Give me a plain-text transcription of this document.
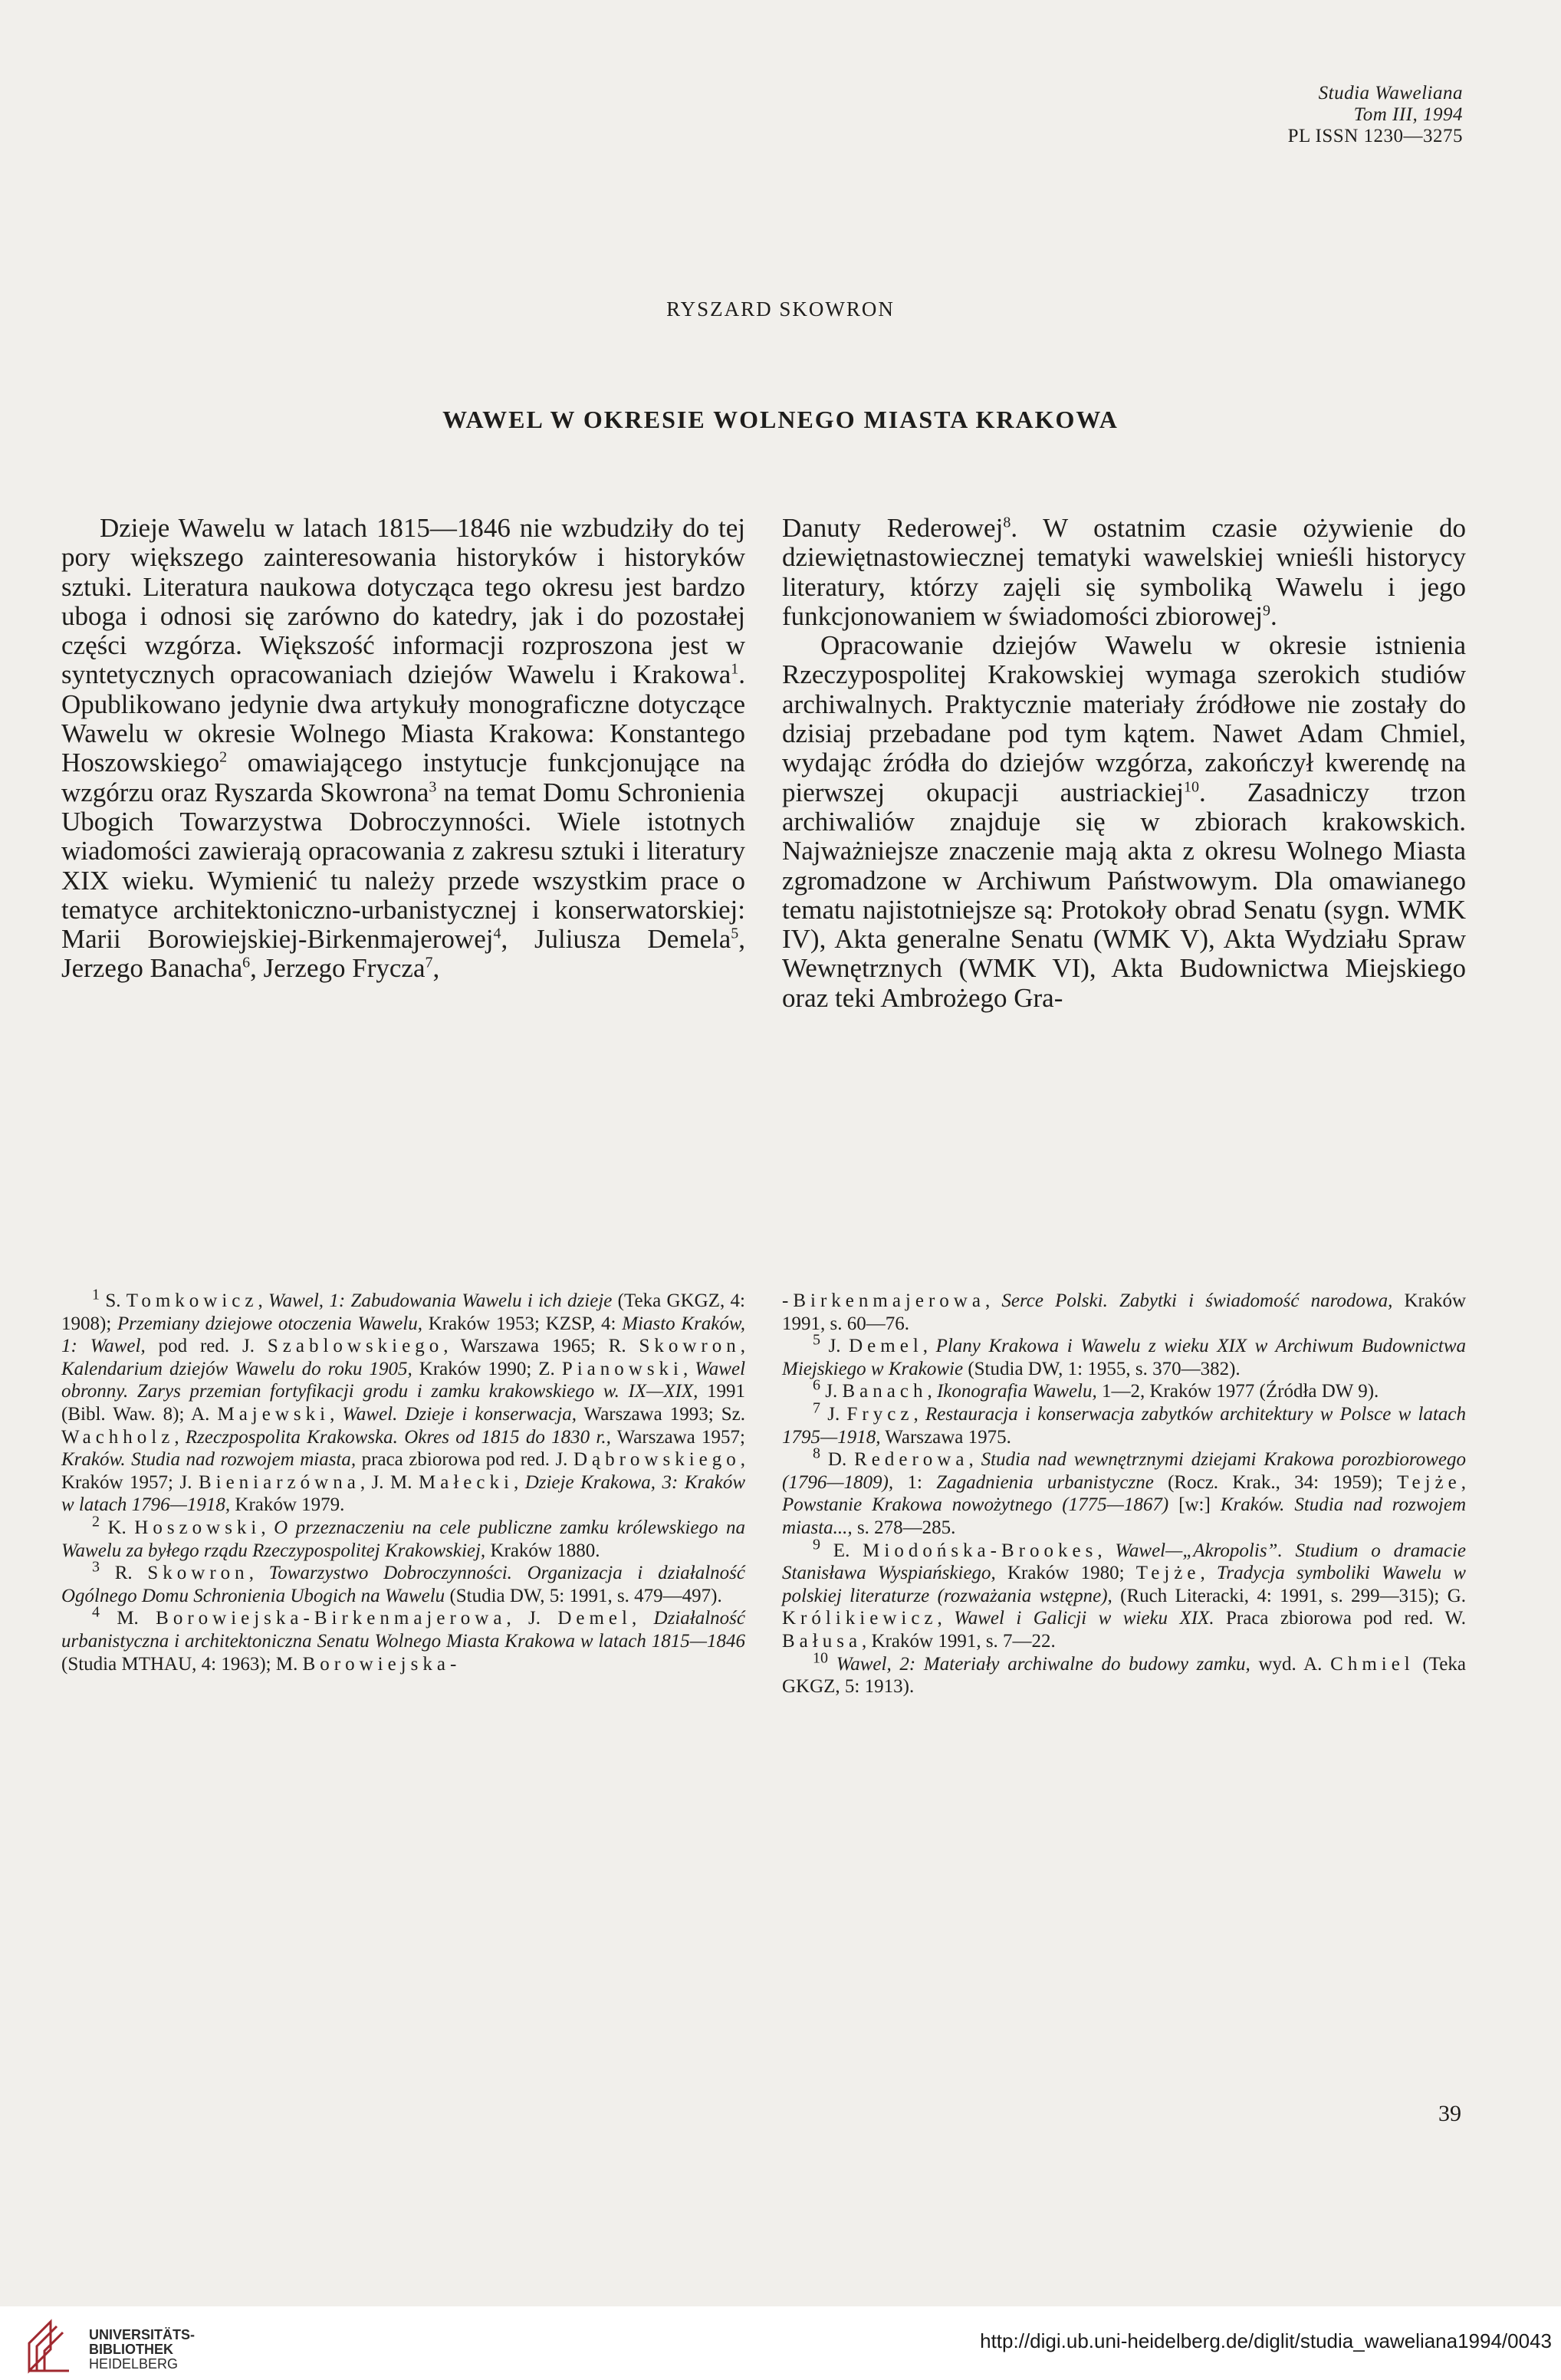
Studia Waweliana
Tom III, 1994
PL ISSN 1230—3275
RYSZARD SKOWRON
WAWEL W OKRESIE WOLNEGO MIASTA KRAKOWA

Dzieje Wawelu w latach 1815—1846 nie wzbudziły do tej pory większego zainteresowania historyków i historyków sztuki. Literatura naukowa dotycząca tego okresu jest bardzo uboga i odnosi się zarówno do katedry, jak i do pozostałej części wzgórza. Większość informacji rozproszona jest w syntetycznych opracowaniach dziejów Wawelu i Krakowa$^1$. Opublikowano jedynie dwa artykuły monograficzne dotyczące Wawelu w okresie Wolnego Miasta Krakowa: Konstantego Hoszowskiego$^2$ omawiającego instytucje funkcjonujące na wzgórzu oraz Ryszarda Skowrona$^3$ na temat Domu Schronienia Ubogich Towarzystwa Dobroczynności. Wiele istotnych wiadomości zawierają opracowania z zakresu sztuki i literatury XIX wieku. Wymienić tu należy przede wszystkim prace o tematyce architektoniczno-urbanistycznej i konserwatorskiej: Marii Borowiejskiej-Birkenmajerowej$^4$, Juliusza Demela$^5$, Jerzego Banacha$^6$, Jerzego Frycza$^7$,

Danuty Rederowej$^8$. W ostatnim czasie ożywienie do dziewiętnastowiecznej tematyki wawelskiej wnieśli historycy literatury, którzy zajęli się symboliką Wawelu i jego funkcjonowaniem w świadomości zbiorowej$^9$.

Opracowanie dziejów Wawelu w okresie istnienia Rzeczypospolitej Krakowskiej wymaga szerokich studiów archiwalnych. Praktycznie materiały źródłowe nie zostały do dzisiaj przebadane pod tym kątem. Nawet Adam Chmiel, wydając źródła do dziejów wzgórza, zakończył kwerendę na pierwszej okupacji austriackiej$^{10}$. Zasadniczy trzon archiwaliów znajduje się w zbiorach krakowskich. Najważniejsze znaczenie mają akta z okresu Wolnego Miasta zgromadzone w Archiwum Państwowym. Dla omawianego tematu najistotniejsze są: Protokoły obrad Senatu (sygn. WMK IV), Akta generalne Senatu (WMK V), Akta Wydziału Spraw Wewnętrznych (WMK VI), Akta Budownictwa Miejskiego oraz teki Ambrożego Gra-

$^1$ S. Tomkowicz, Wawel, 1: Zabudowania Wawelu i ich dzieje (Teka GKGZ, 4: 1908); Przemiany dziejowe otoczenia Wawelu, Kraków 1953; KZSP, 4: Miasto Kraków, 1: Wawel, pod red. J. Szablowskiego, Warszawa 1965; R. Skowron, Kalendarium dziejów Wawelu do roku 1905, Kraków 1990; Z. Pianowski, Wawel obronny. Zarys przemian fortyfikacji grodu i zamku krakowskiego w. IX—XIX, 1991 (Bibl. Waw. 8); A. Majewski, Wawel. Dzieje i konserwacja, Warszawa 1993; Sz. Wachholz, Rzeczpospolita Krakowska. Okres od 1815 do 1830 r., Warszawa 1957; Kraków. Studia nad rozwojem miasta, praca zbiorowa pod red. J. Dąbrowskiego, Kraków 1957; J. Bieniarzówna, J. M. Małecki, Dzieje Krakowa, 3: Kraków w latach 1796—1918, Kraków 1979.

$^2$ K. Hoszowski, O przeznaczeniu na cele publiczne zamku królewskiego na Wawelu za byłego rządu Rzeczypospolitej Krakowskiej, Kraków 1880.

$^3$ R. Skowron, Towarzystwo Dobroczynności. Organizacja i działalność Ogólnego Domu Schronienia Ubogich na Wawelu (Studia DW, 5: 1991, s. 479—497).

$^4$ M. Borowiejska-Birkenmajerowa, J. Demel, Działalność urbanistyczna i architektoniczna Senatu Wolnego Miasta Krakowa w latach 1815—1846 (Studia MTHAU, 4: 1963); M. Borowiejska-

-Birkenmajerowa, Serce Polski. Zabytki i świadomość narodowa, Kraków 1991, s. 60—76.

$^5$ J. Demel, Plany Krakowa i Wawelu z wieku XIX w Archiwum Budownictwa Miejskiego w Krakowie (Studia DW, 1: 1955, s. 370—382).

$^6$ J. Banach, Ikonografia Wawelu, 1—2, Kraków 1977 (Źródła DW 9).

$^7$ J. Frycz, Restauracja i konserwacja zabytków architektury w Polsce w latach 1795—1918, Warszawa 1975.

$^8$ D. Rederowa, Studia nad wewnętrznymi dziejami Krakowa porozbiorowego (1796—1809), 1: Zagadnienia urbanistyczne (Rocz. Krak., 34: 1959); Tejże, Powstanie Krakowa nowożytnego (1775—1867) [w:] Kraków. Studia nad rozwojem miasta..., s. 278—285.

$^9$ E. Miodońska-Brookes, Wawel—„Akropolis”. Studium o dramacie Stanisława Wyspiańskiego, Kraków 1980; Tejże, Tradycja symboliki Wawelu w polskiej literaturze (rozważania wstępne), (Ruch Literacki, 4: 1991, s. 299—315); G. Królikiewicz, Wawel i Galicji w wieku XIX. Praca zbiorowa pod red. W. Bałusa, Kraków 1991, s. 7—22.

$^{10}$ Wawel, 2: Materiały archiwalne do budowy zamku, wyd. A. Chmiel (Teka GKGZ, 5: 1913).

39
UNIVERSITÄTS-
BIBLIOTHEK
HEIDELBERG
http://digi.ub.uni-heidelberg.de/diglit/studia_waweliana1994/0043
